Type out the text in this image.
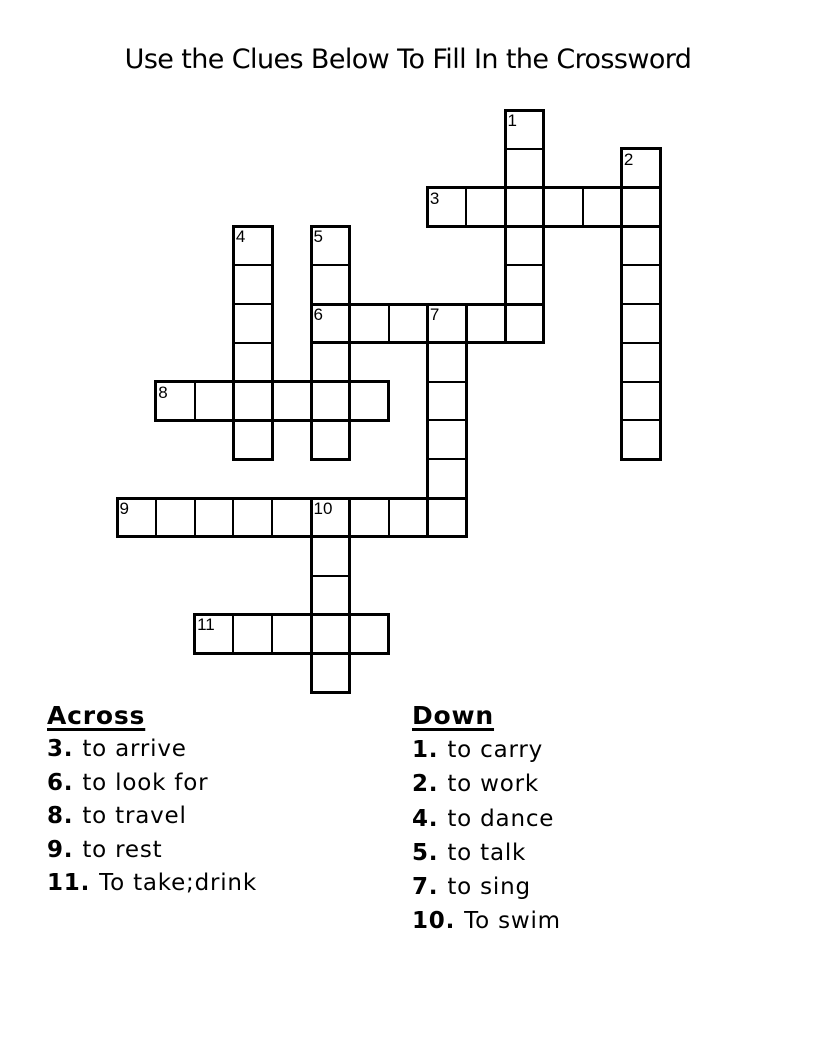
Use the Clues Below To Fill In the Crossword
1
2
3
4	5
6	7
8
9	10
11
Across
3. to arrive
6. to look for
8. to travel
9. to rest
11. To take;drink
Down
1. to carry
2. to work
4. to dance
5. to talk
7. to sing
10. To swim
